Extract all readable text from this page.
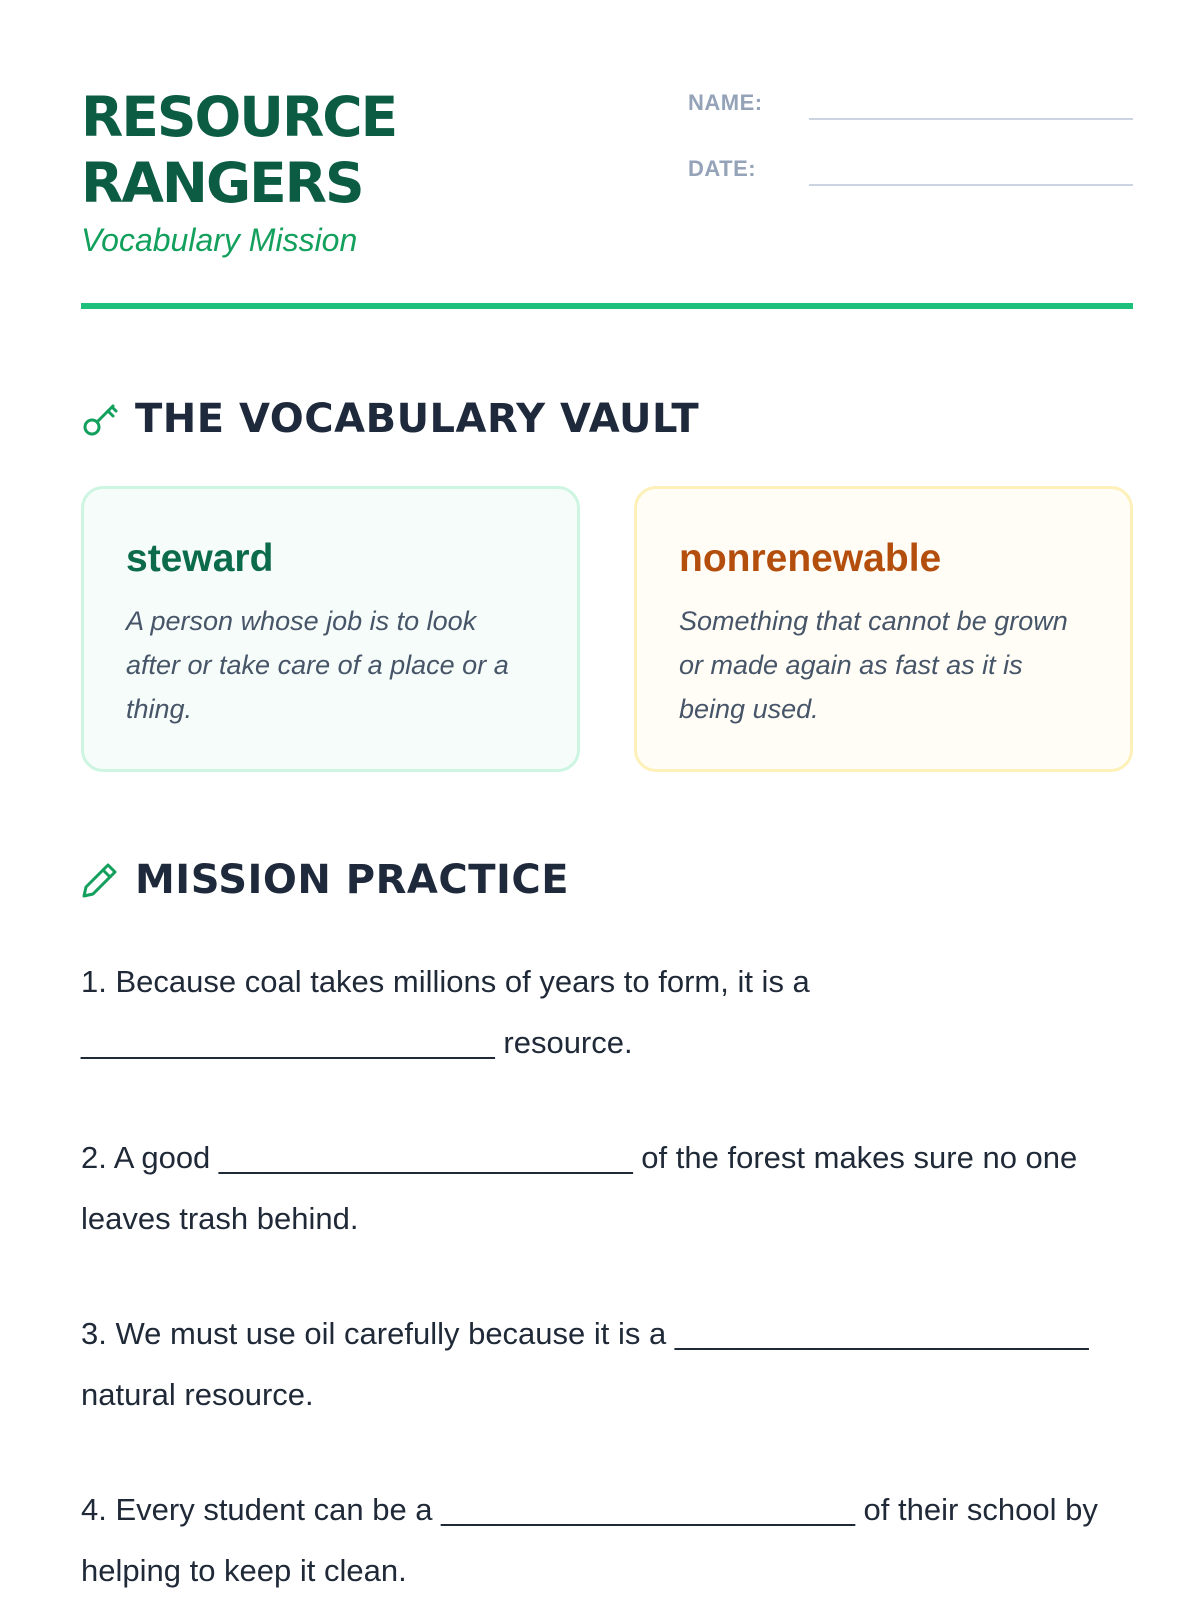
RESOURCE
RANGERS
Vocabulary Mission
NAME:
DATE:
THE VOCABULARY VAULT
steward
A person whose job is to look after or take care of a place or a thing.
nonrenewable
Something that cannot be grown or made again as fast as it is being used.
MISSION PRACTICE

1. Because coal takes millions of years to form, it is a ________________________ resource.

2. A good ________________________ of the forest makes sure no one leaves trash behind.

3. We must use oil carefully because it is a ________________________ natural resource.

4. Every student can be a ________________________ of their school by helping to keep it clean.
